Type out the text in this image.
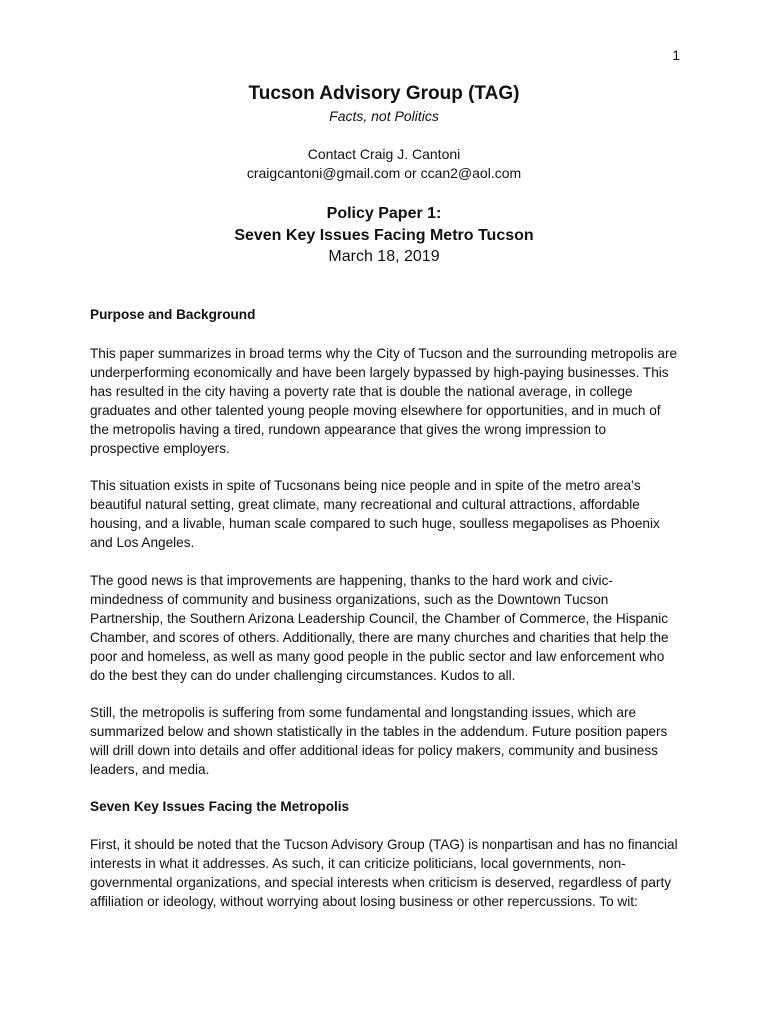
1
Tucson Advisory Group (TAG)
Facts, not Politics
Contact Craig J. Cantoni
craigcantoni@gmail.com or ccan2@aol.com
Policy Paper 1:
Seven Key Issues Facing Metro Tucson
March 18, 2019

Purpose and Background

This paper summarizes in broad terms why the City of Tucson and the surrounding metropolis are underperforming economically and have been largely bypassed by high-paying businesses. This has resulted in the city having a poverty rate that is double the national average, in college graduates and other talented young people moving elsewhere for opportunities, and in much of the metropolis having a tired, rundown appearance that gives the wrong impression to prospective employers.

This situation exists in spite of Tucsonans being nice people and in spite of the metro area’s beautiful natural setting, great climate, many recreational and cultural attractions, affordable housing, and a livable, human scale compared to such huge, soulless megapolises as Phoenix and Los Angeles.

The good news is that improvements are happening, thanks to the hard work and civic-mindedness of community and business organizations, such as the Downtown Tucson Partnership, the Southern Arizona Leadership Council, the Chamber of Commerce, the Hispanic Chamber, and scores of others. Additionally, there are many churches and charities that help the poor and homeless, as well as many good people in the public sector and law enforcement who do the best they can do under challenging circumstances. Kudos to all.

Still, the metropolis is suffering from some fundamental and longstanding issues, which are summarized below and shown statistically in the tables in the addendum. Future position papers will drill down into details and offer additional ideas for policy makers, community and business leaders, and media.

Seven Key Issues Facing the Metropolis

First, it should be noted that the Tucson Advisory Group (TAG) is nonpartisan and has no financial interests in what it addresses. As such, it can criticize politicians, local governments, non-governmental organizations, and special interests when criticism is deserved, regardless of party affiliation or ideology, without worrying about losing business or other repercussions. To wit:
